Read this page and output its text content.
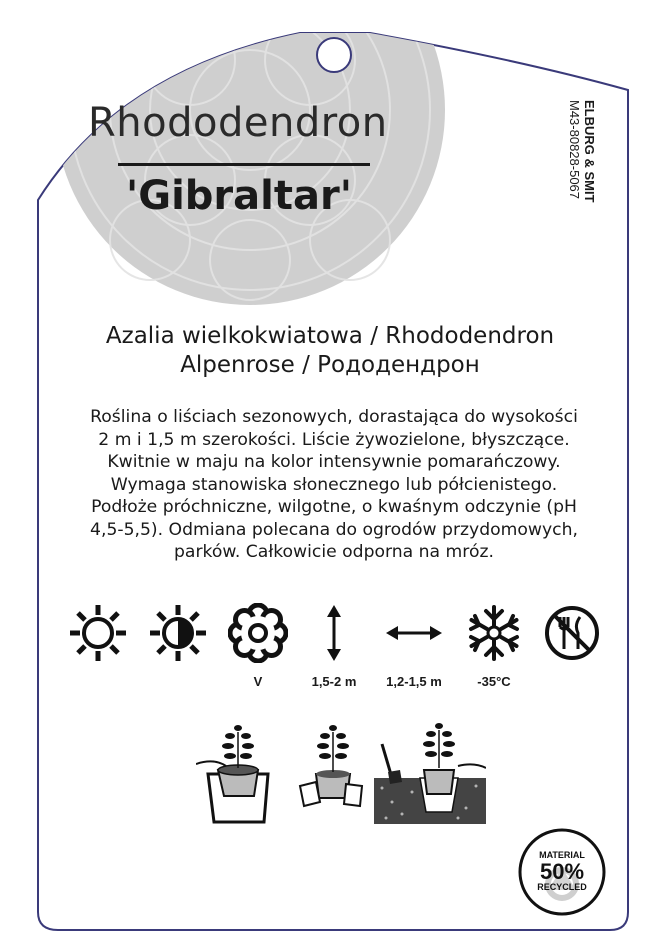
Rhododendron
'Gibraltar'	ELBURG & SMIT
M43-80828-5067
Azalia wielkokwiatowa / Rhododendron
Alpenrose / Рододендрон
Roślina o liściach sezonowych, dorastająca do wysokości
2 m i 1,5 m szerokości. Liście żywozielone, błyszczące.
Kwitnie w maju na kolor intensywnie pomarańczowy.
Wymaga stanowiska słonecznego lub półcienistego.
Podłoże próchniczne, wilgotne, o kwaśnym odczynie (pH
4,5-5,5). Odmiana polecana do ogrodów przydomowych,
parków. Całkowicie odporna na mróz.
V	1,5-2 m	1,2-1,5 m	-35°C
MATERIAL
50%
RECYCLED
